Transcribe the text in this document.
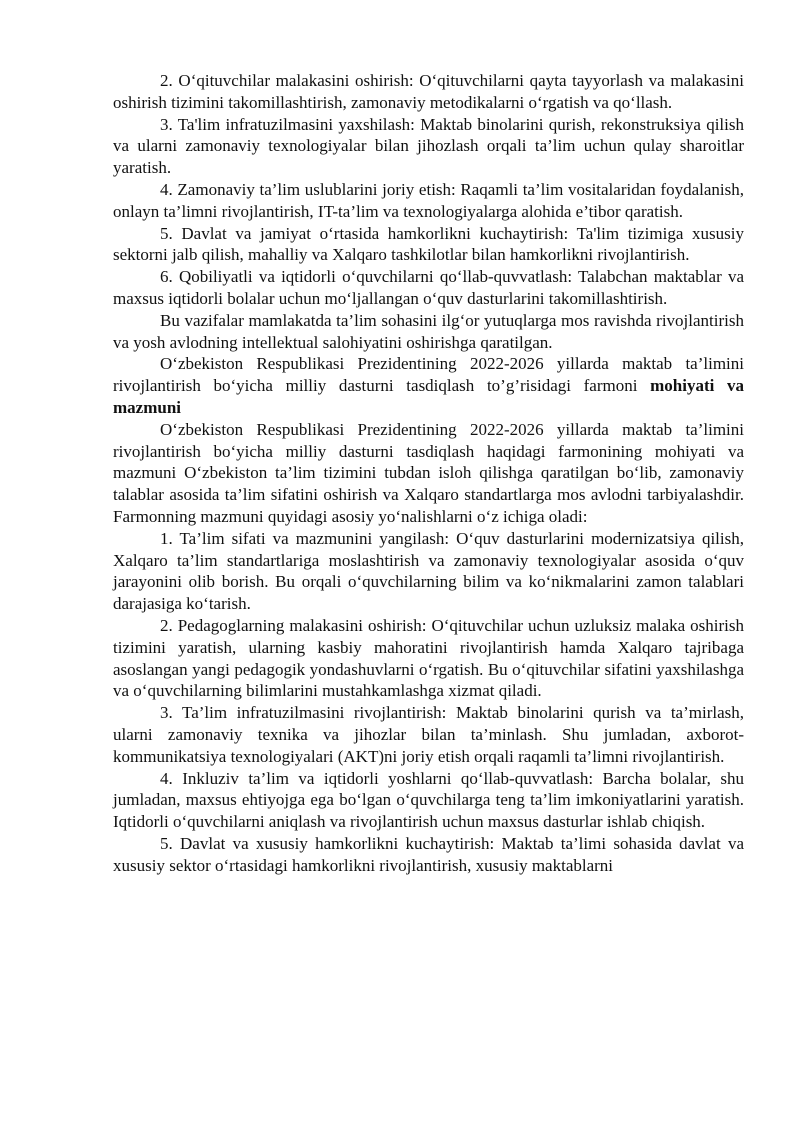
2. O‘qituvchilar malakasini oshirish: O‘qituvchilarni qayta tayyorlash va malakasini oshirish tizimini takomillashtirish, zamonaviy metodikalarni o‘rgatish va qo‘llash.

3. Ta'lim infratuzilmasini yaxshilash: Maktab binolarini qurish, rekonstruksiya qilish va ularni zamonaviy texnologiyalar bilan jihozlash orqali ta’lim uchun qulay sharoitlar yaratish.

4. Zamonaviy ta’lim uslublarini joriy etish: Raqamli ta’lim vositalaridan foydalanish, onlayn ta’limni rivojlantirish, IT-ta’lim va texnologiyalarga alohida e’tibor qaratish.

5. Davlat va jamiyat o‘rtasida hamkorlikni kuchaytirish: Ta'lim tizimiga xususiy sektorni jalb qilish, mahalliy va Xalqaro tashkilotlar bilan hamkorlikni rivojlantirish.

6. Qobiliyatli va iqtidorli o‘quvchilarni qo‘llab-quvvatlash: Talabchan maktablar va maxsus iqtidorli bolalar uchun mo‘ljallangan o‘quv dasturlarini takomillashtirish.

Bu vazifalar mamlakatda ta’lim sohasini ilg‘or yutuqlarga mos ravishda rivojlantirish va yosh avlodning intellektual salohiyatini oshirishga qaratilgan.

O‘zbekiston Respublikasi Prezidentining 2022-2026 yillarda maktab ta’limini rivojlantirish bo‘yicha milliy dasturni tasdiqlash to’g’risidagi farmoni mohiyati va mazmuni

O‘zbekiston Respublikasi Prezidentining 2022-2026 yillarda maktab ta’limini rivojlantirish bo‘yicha milliy dasturni tasdiqlash haqidagi farmonining mohiyati va mazmuni O‘zbekiston ta’lim tizimini tubdan isloh qilishga qaratilgan bo‘lib, zamonaviy talablar asosida ta’lim sifatini oshirish va Xalqaro standartlarga mos avlodni tarbiyalashdir. Farmonning mazmuni quyidagi asosiy yo‘nalishlarni o‘z ichiga oladi:

1. Ta’lim sifati va mazmunini yangilash: O‘quv dasturlarini modernizatsiya qilish, Xalqaro ta’lim standartlariga moslashtirish va zamonaviy texnologiyalar asosida o‘quv jarayonini olib borish. Bu orqali o‘quvchilarning bilim va ko‘nikmalarini zamon talablari darajasiga ko‘tarish.

2. Pedagoglarning malakasini oshirish: O‘qituvchilar uchun uzluksiz malaka oshirish tizimini yaratish, ularning kasbiy mahoratini rivojlantirish hamda Xalqaro tajribaga asoslangan yangi pedagogik yondashuvlarni o‘rgatish. Bu o‘qituvchilar sifatini yaxshilashga va o‘quvchilarning bilimlarini mustahkamlashga xizmat qiladi.

3. Ta’lim infratuzilmasini rivojlantirish: Maktab binolarini qurish va ta’mirlash, ularni zamonaviy texnika va jihozlar bilan ta’minlash. Shu jumladan, axborot-kommunikatsiya texnologiyalari (AKT)ni joriy etish orqali raqamli ta’limni rivojlantirish.

4. Inkluziv ta’lim va iqtidorli yoshlarni qo‘llab-quvvatlash: Barcha bolalar, shu jumladan, maxsus ehtiyojga ega bo‘lgan o‘quvchilarga teng ta’lim imkoniyatlarini yaratish. Iqtidorli o‘quvchilarni aniqlash va rivojlantirish uchun maxsus dasturlar ishlab chiqish.

5. Davlat va xususiy hamkorlikni kuchaytirish: Maktab ta’limi sohasida davlat va xususiy sektor o‘rtasidagi hamkorlikni rivojlantirish, xususiy maktablarni
